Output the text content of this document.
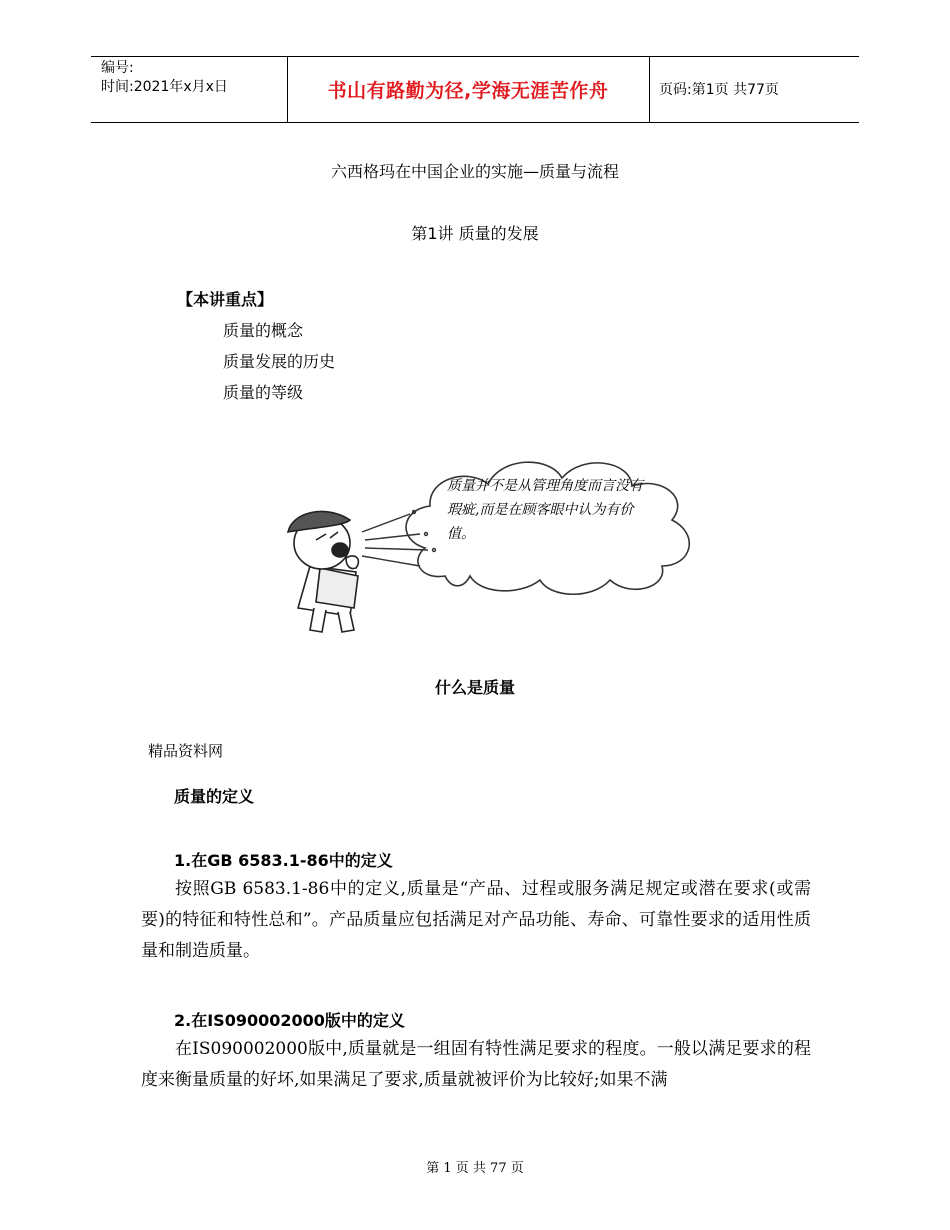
编号:
时间:2021年x月x日	书山有路勤为径,学海无涯苦作舟	页码:第1页 共77页
六西格玛在中国企业的实施—质量与流程
第1讲 质量的发展
【本讲重点】
质量的概念
质量发展的历史
质量的等级
质量并不是从管理角度而言没有瑕疵,而是在顾客眼中认为有价值。
什么是质量
精品资料网
质量的定义
1.在GB 6583.1-86中的定义
按照GB 6583.1-86中的定义,质量是“产品、过程或服务满足规定或潜在要求(或需要)的特征和特性总和”。产品质量应包括满足对产品功能、寿命、可靠性要求的适用性质量和制造质量。
2.在IS090002000版中的定义
在IS090002000版中,质量就是一组固有特性满足要求的程度。一般以满足要求的程度来衡量质量的好坏,如果满足了要求,质量就被评价为比较好;如果不满
第 1 页 共 77 页
